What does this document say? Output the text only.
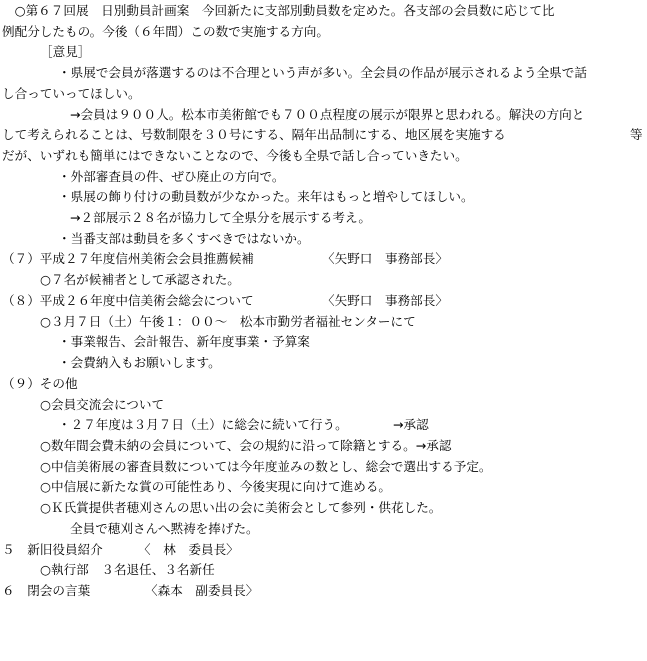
　○第６７回展　日別動員計画案　今回新たに支部別動員数を定めた。各支部の会員数に応じて比

例配分したもの。今後（６年間）この数で実施する方向。

［意見］

・県展で会員が落選するのは不合理という声が多い。全会員の作品が展示されるよう全県で話

し合っていってほしい。

→会員は９００人。松本市美術館でも７００点程度の展示が限界と思われる。解決の方向と

して考えられることは、号数制限を３０号にする、隔年出品制にする、地区展を実施する

	等

だが、いずれも簡単にはできないことなので、今後も全県で話し合っていきたい。

・外部審査員の件、ぜひ廃止の方向で。

・県展の飾り付けの動員数が少なかった。来年はもっと増やしてほしい。

→２部展示２８名が協力して全県分を展示する考え。

・当番支部は動員を多くすべきではないか。

（７）平成２７年度信州美術会会員推薦候補

	〈矢野口　事務部長〉

○７名が候補者として承認された。

（８）平成２６年度中信美術会総会について

	〈矢野口　事務部長〉

○３月７日（土）午後１：００～　松本市勤労者福祉センターにて

・事業報告、会計報告、新年度事業・予算案

・会費納入もお願いします。

（９）その他

○会員交流会について

・２７年度は３月７日（土）に総会に続いて行う。

	→承認

○数年間会費未納の会員について、会の規約に沿って除籍とする。→承認

○中信美術展の審査員数については今年度並みの数とし、総会で選出する予定。

○中信展に新たな賞の可能性あり、今後実現に向けて進める。

○Ｋ氏賞提供者穂刈さんの思い出の会に美術会として参列・供花した。

全員で穂刈さんへ黙祷を捧げた。

５　新旧役員紹介

	〈　林　委員長〉

○執行部　３名退任、３名新任

６　閉会の言葉

	〈森本　副委員長〉
